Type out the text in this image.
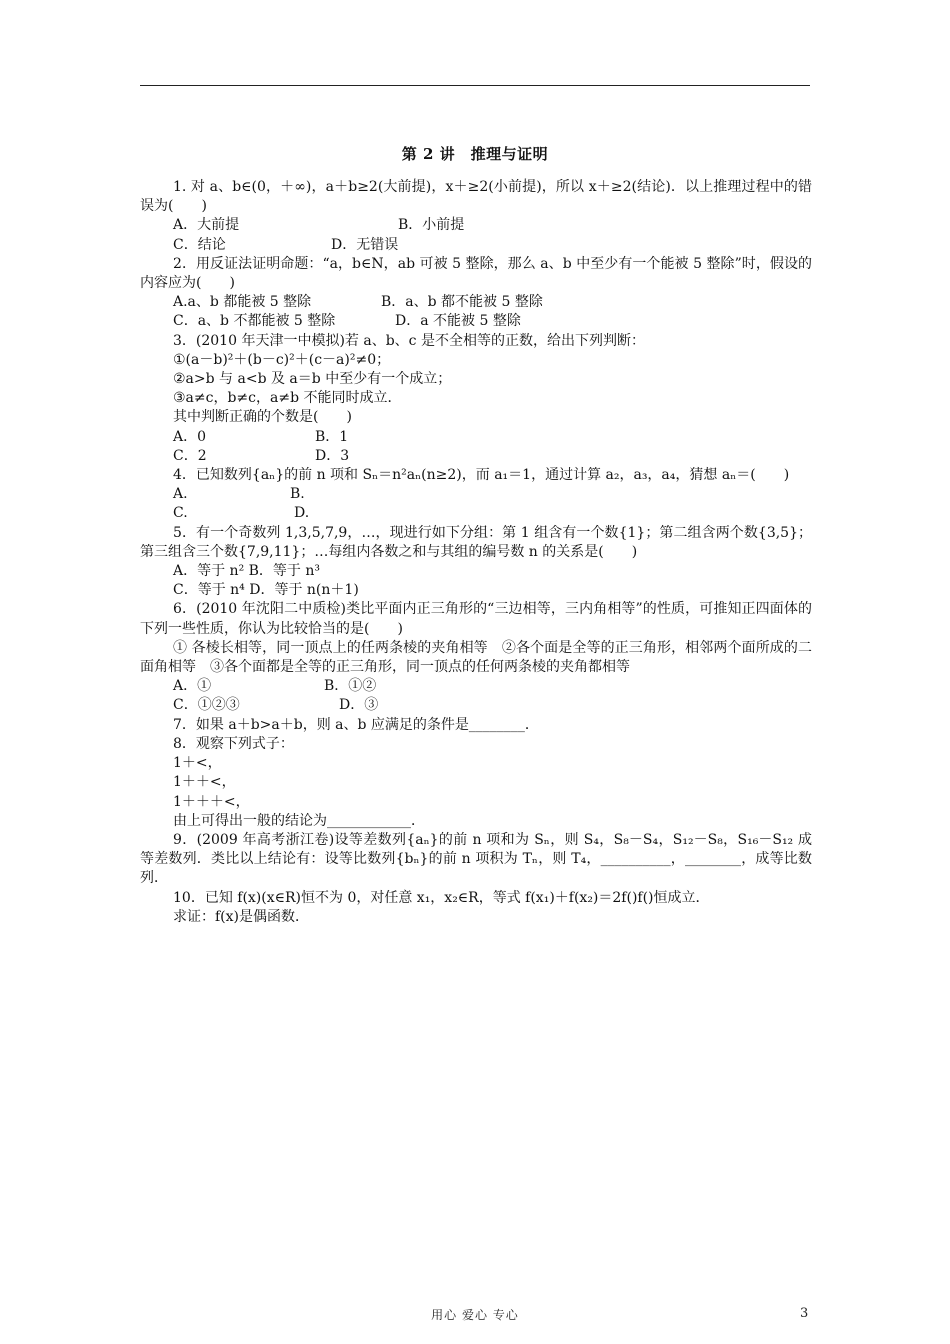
第 2 讲　推理与证明
1. 对 a、b∈(0，＋∞)，a＋b≥2(大前提)，x＋≥2(小前提)，所以 x＋≥2(结论)．以上推理过程中的错误为(　　)
A．大前提	B．小前提
C．结论	D．无错误
2．用反证法证明命题：“a，b∈N，ab 可被 5 整除，那么 a、b 中至少有一个能被 5 整除”时，假设的内容应为(　　)
A.a、b 都能被 5 整除	B．a、b 都不能被 5 整除
C．a、b 不都能被 5 整除	D．a 不能被 5 整除
3．(2010 年天津一中模拟)若 a、b、c 是不全相等的正数，给出下列判断：
①(a－b)²＋(b－c)²＋(c－a)²≠0；
②a>b 与 a<b 及 a＝b 中至少有一个成立；
③a≠c，b≠c，a≠b 不能同时成立．
其中判断正确的个数是(　　)
A．0	B．1
C．2	D．3
4．已知数列{aₙ}的前 n 项和 Sₙ＝n²aₙ(n≥2)，而 a₁＝1，通过计算 a₂，a₃，a₄，猜想 aₙ＝(　　)
A.	B.
C.	D.
5．有一个奇数列 1,3,5,7,9，…，现进行如下分组：第 1 组含有一个数{1}；第二组含两个数{3,5}；第三组含三个数{7,9,11}；…每组内各数之和与其组的编号数 n 的关系是(　　)
A．等于 n² B．等于 n³
C．等于 n⁴ D．等于 n(n＋1)
6．(2010 年沈阳二中质检)类比平面内正三角形的“三边相等，三内角相等”的性质，可推知正四面体的下列一些性质，你认为比较恰当的是(　　)
① 各棱长相等，同一顶点上的任两条棱的夹角相等　②各个面是全等的正三角形，相邻两个面所成的二面角相等　③各个面都是全等的正三角形，同一顶点的任何两条棱的夹角都相等
A．①	B．①②
C．①②③	D．③
7．如果 a＋b>a＋b，则 a、b 应满足的条件是________．
8．观察下列式子：
1＋<，
1＋＋<，
1＋＋＋<，
由上可得出一般的结论为____________．
9．(2009 年高考浙江卷)设等差数列{aₙ}的前 n 项和为 Sₙ，则 S₄，S₈－S₄，S₁₂－S₈，S₁₆－S₁₂ 成等差数列．类比以上结论有：设等比数列{bₙ}的前 n 项积为 Tₙ，则 T₄，__________，________，成等比数列．
10．已知 f(x)(x∈R)恒不为 0，对任意 x₁，x₂∈R，等式 f(x₁)＋f(x₂)＝2f()f()恒成立．
求证：f(x)是偶函数．
用心 爱心 专心	3
